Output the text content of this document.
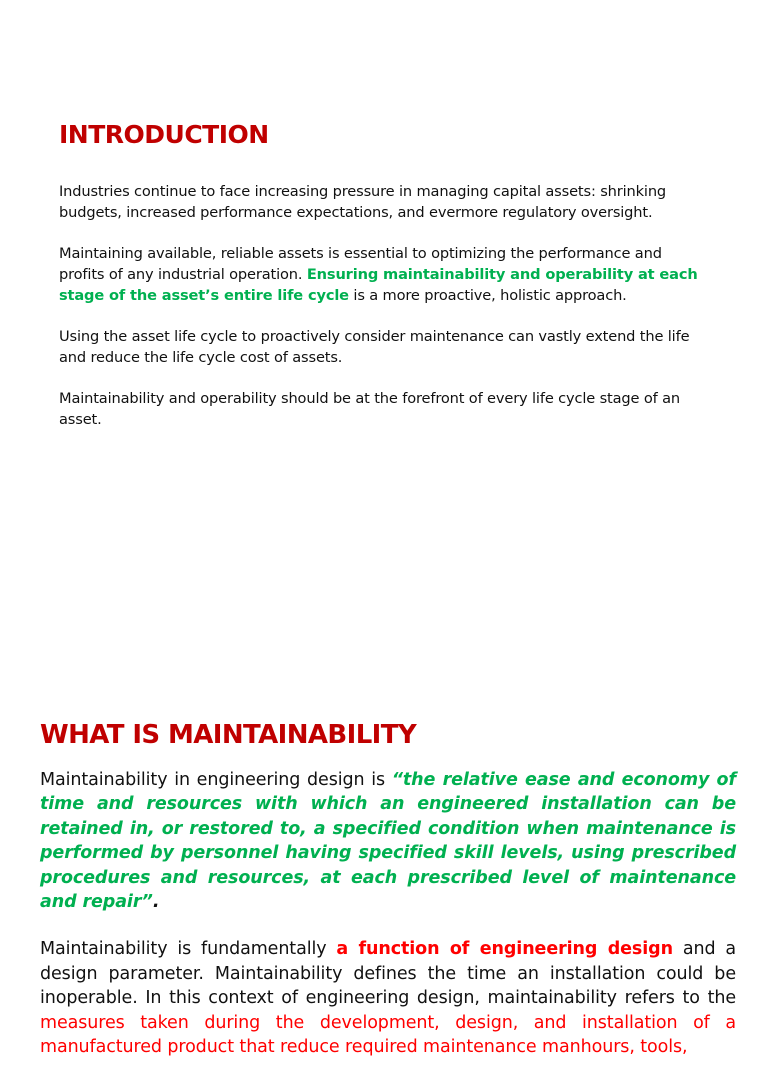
INTRODUCTION

Industries continue to face increasing pressure in managing capital assets: shrinking budgets, increased performance expectations, and evermore regulatory oversight.

Maintaining available, reliable assets is essential to optimizing the performance and profits of any industrial operation. Ensuring maintainability and operability at each stage of the asset’s entire life cycle is a more proactive, holistic approach.

Using the asset life cycle to proactively consider maintenance can vastly extend the life and reduce the life cycle cost of assets.

Maintainability and operability should be at the forefront of every life cycle stage of an asset.

WHAT IS MAINTAINABILITY

Maintainability in engineering design is “the relative ease and economy of time and resources with which an engineered installation can be retained in, or restored to, a specified condition when maintenance is performed by personnel having specified skill levels, using prescribed procedures and resources, at each prescribed level of maintenance and repair”.

Maintainability is fundamentally a function of engineering design and a design parameter. Maintainability defines the time an installation could be inoperable. In this context of engineering design, maintainability refers to the measures taken during the development, design, and installation of a manufactured product that reduce required maintenance manhours, tools,
